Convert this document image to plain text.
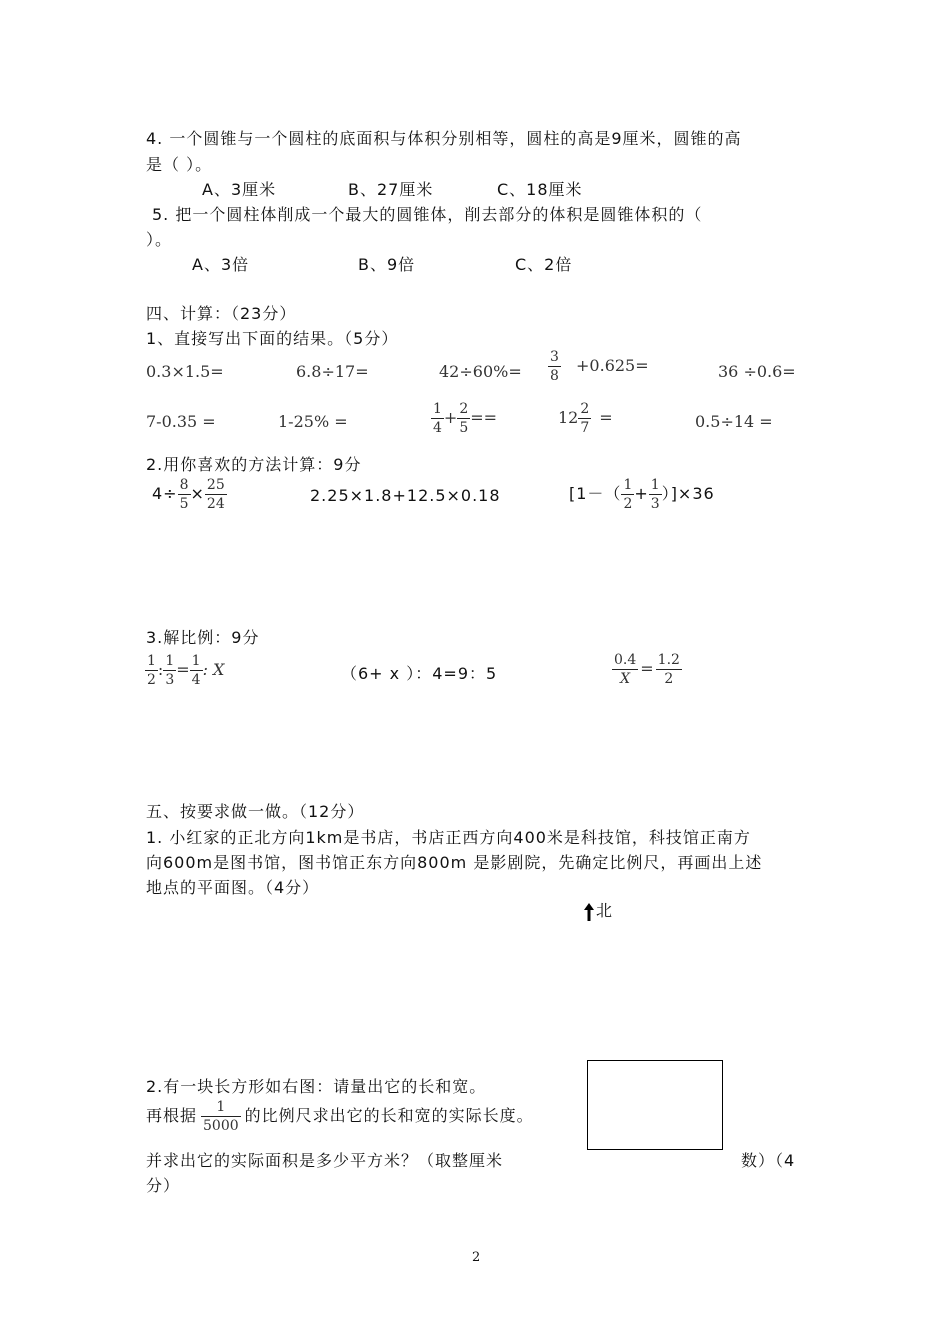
4. 一个圆锥与一个圆柱的底面积与体积分别相等，圆柱的高是9厘米，圆锥的高
是（ ）。
A、3厘米	B、27厘米	C、18厘米
5. 把一个圆柱体削成一个最大的圆锥体，削去部分的体积是圆锥体积的（
）。
A、3倍	B、9倍	C、2倍
四、计算：（23分）
1、直接写出下面的结果。（5分）
0.3×1.5=	6.8÷17=	$42\div 60\%= \frac{3}{8} +0.625=$	36 ÷0.6=
7-0.35 =	1-25% =	$\frac{1}{4} + \frac{2}{5}$ ==	$12 \frac{2}{7}$ =	0.5÷14 =
2.用你喜欢的方法计算：9分
$4\div \frac{8}{5} \times \frac{25}{24}$	2.25×1.8+12.5×0.18	$[1-( \frac{1}{2} + \frac{1}{3} )]\times 36$
3.解比例：9分
$\frac{1}{2}$ : $\frac{1}{3} = \frac{1}{4}$ : X	（6+ x ）：4=9：5	$\frac{0.4}{X} = \frac{1.2}{2}$
五、按要求做一做。（12分）
1. 小红家的正北方向1km是书店，书店正西方向400米是科技馆，科技馆正南方
向600m是图书馆，图书馆正东方向800m 是影剧院，先确定比例尺，再画出上述
地点的平面图。（4分）
北
2.有一块长方形如右图：请量出它的长和宽。
再根据 $\frac{1}{5000}$ 的比例尺求出它的长和宽的实际长度。
并求出它的实际面积是多少平方米？（取整厘米	数）（4
分）
2
